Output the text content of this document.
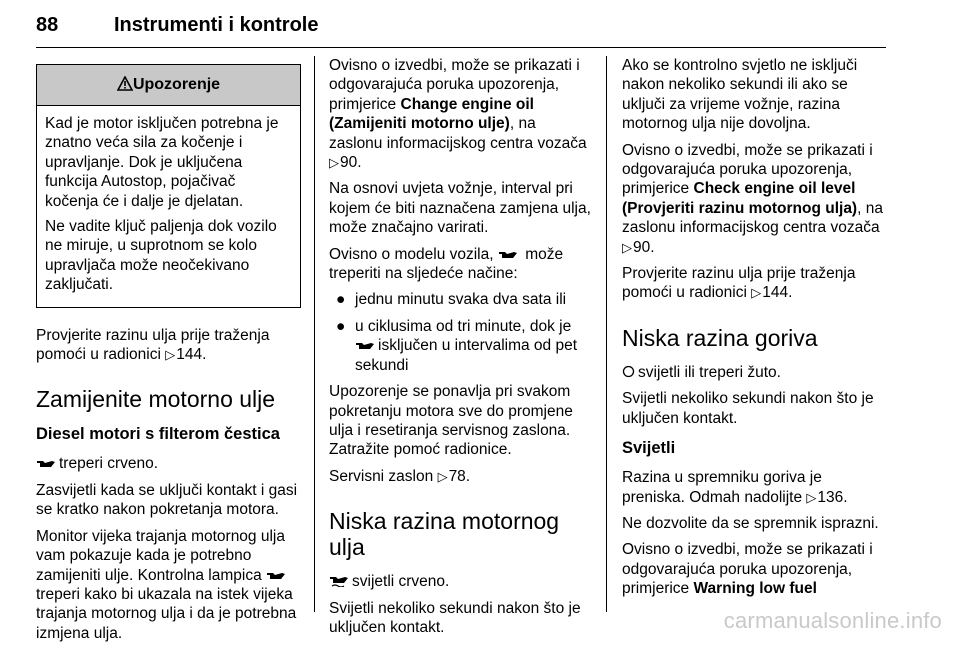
88	Instrumenti i kontrole
Upozorenje

Kad je motor isključen potrebna je znatno veća sila za kočenje i upravljanje. Dok je uključena funkcija Autostop, pojačivač kočenja će i dalje je djelatan.

Ne vadite ključ paljenja dok vozilo ne miruje, u suprotnom se kolo upravljača može neočekivano zaključati.

Provjerite razinu ulja prije traženja pomoći u radionici ▷144.

Zamijenite motorno ulje
Diesel motori s filterom čestica

treperi crveno.

Zasvijetli kada se uključi kontakt i gasi se kratko nakon pokretanja motora.

Monitor vijeka trajanja motornog ulja vam pokazuje kada je potrebno zamijeniti ulje. Kontrolna lampica  treperi kako bi ukazala na istek vijeka trajanja motornog ulja i da je potrebna izmjena ulja.

Ovisno o izvedbi, može se prikazati i odgovarajuća poruka upozorenja, primjerice Change engine oil (Zamijeniti motorno ulje), na zaslonu informacijskog centra vozača ▷90.

Na osnovi uvjeta vožnje, interval pri kojem će biti naznačena zamjena ulja, može značajno varirati.

Ovisno o modelu vozila, može treperiti na sljedeće načine:

● jednu minutu svaka dva sata ili
● u ciklusima od tri minute, dok je isključen u intervalima od pet sekundi

Upozorenje se ponavlja pri svakom pokretanju motora sve do promjene ulja i resetiranja servisnog zaslona. Zatražite pomoć radionice.

Servisni zaslon ▷78.

Niska razina motornog ulja

svijetli crveno.

Svijetli nekoliko sekundi nakon što je uključen kontakt.

Ako se kontrolno svjetlo ne isključi nakon nekoliko sekundi ili ako se uključi za vrijeme vožnje, razina motornog ulja nije dovoljna.

Ovisno o izvedbi, može se prikazati i odgovarajuća poruka upozorenja, primjerice Check engine oil level (Provjeriti razinu motornog ulja), na zaslonu informacijskog centra vozača ▷90.

Provjerite razinu ulja prije traženja pomoći u radionici ▷144.

Niska razina goriva

svijetli ili treperi žuto.

Svijetli nekoliko sekundi nakon što je uključen kontakt.

Svijetli

Razina u spremniku goriva je preniska. Odmah nadolijte ▷136.

Ne dozvolite da se spremnik isprazni.

Ovisno o izvedbi, može se prikazati i odgovarajuća poruka upozorenja, primjerice Warning low fuel

carmanualsonline.info
